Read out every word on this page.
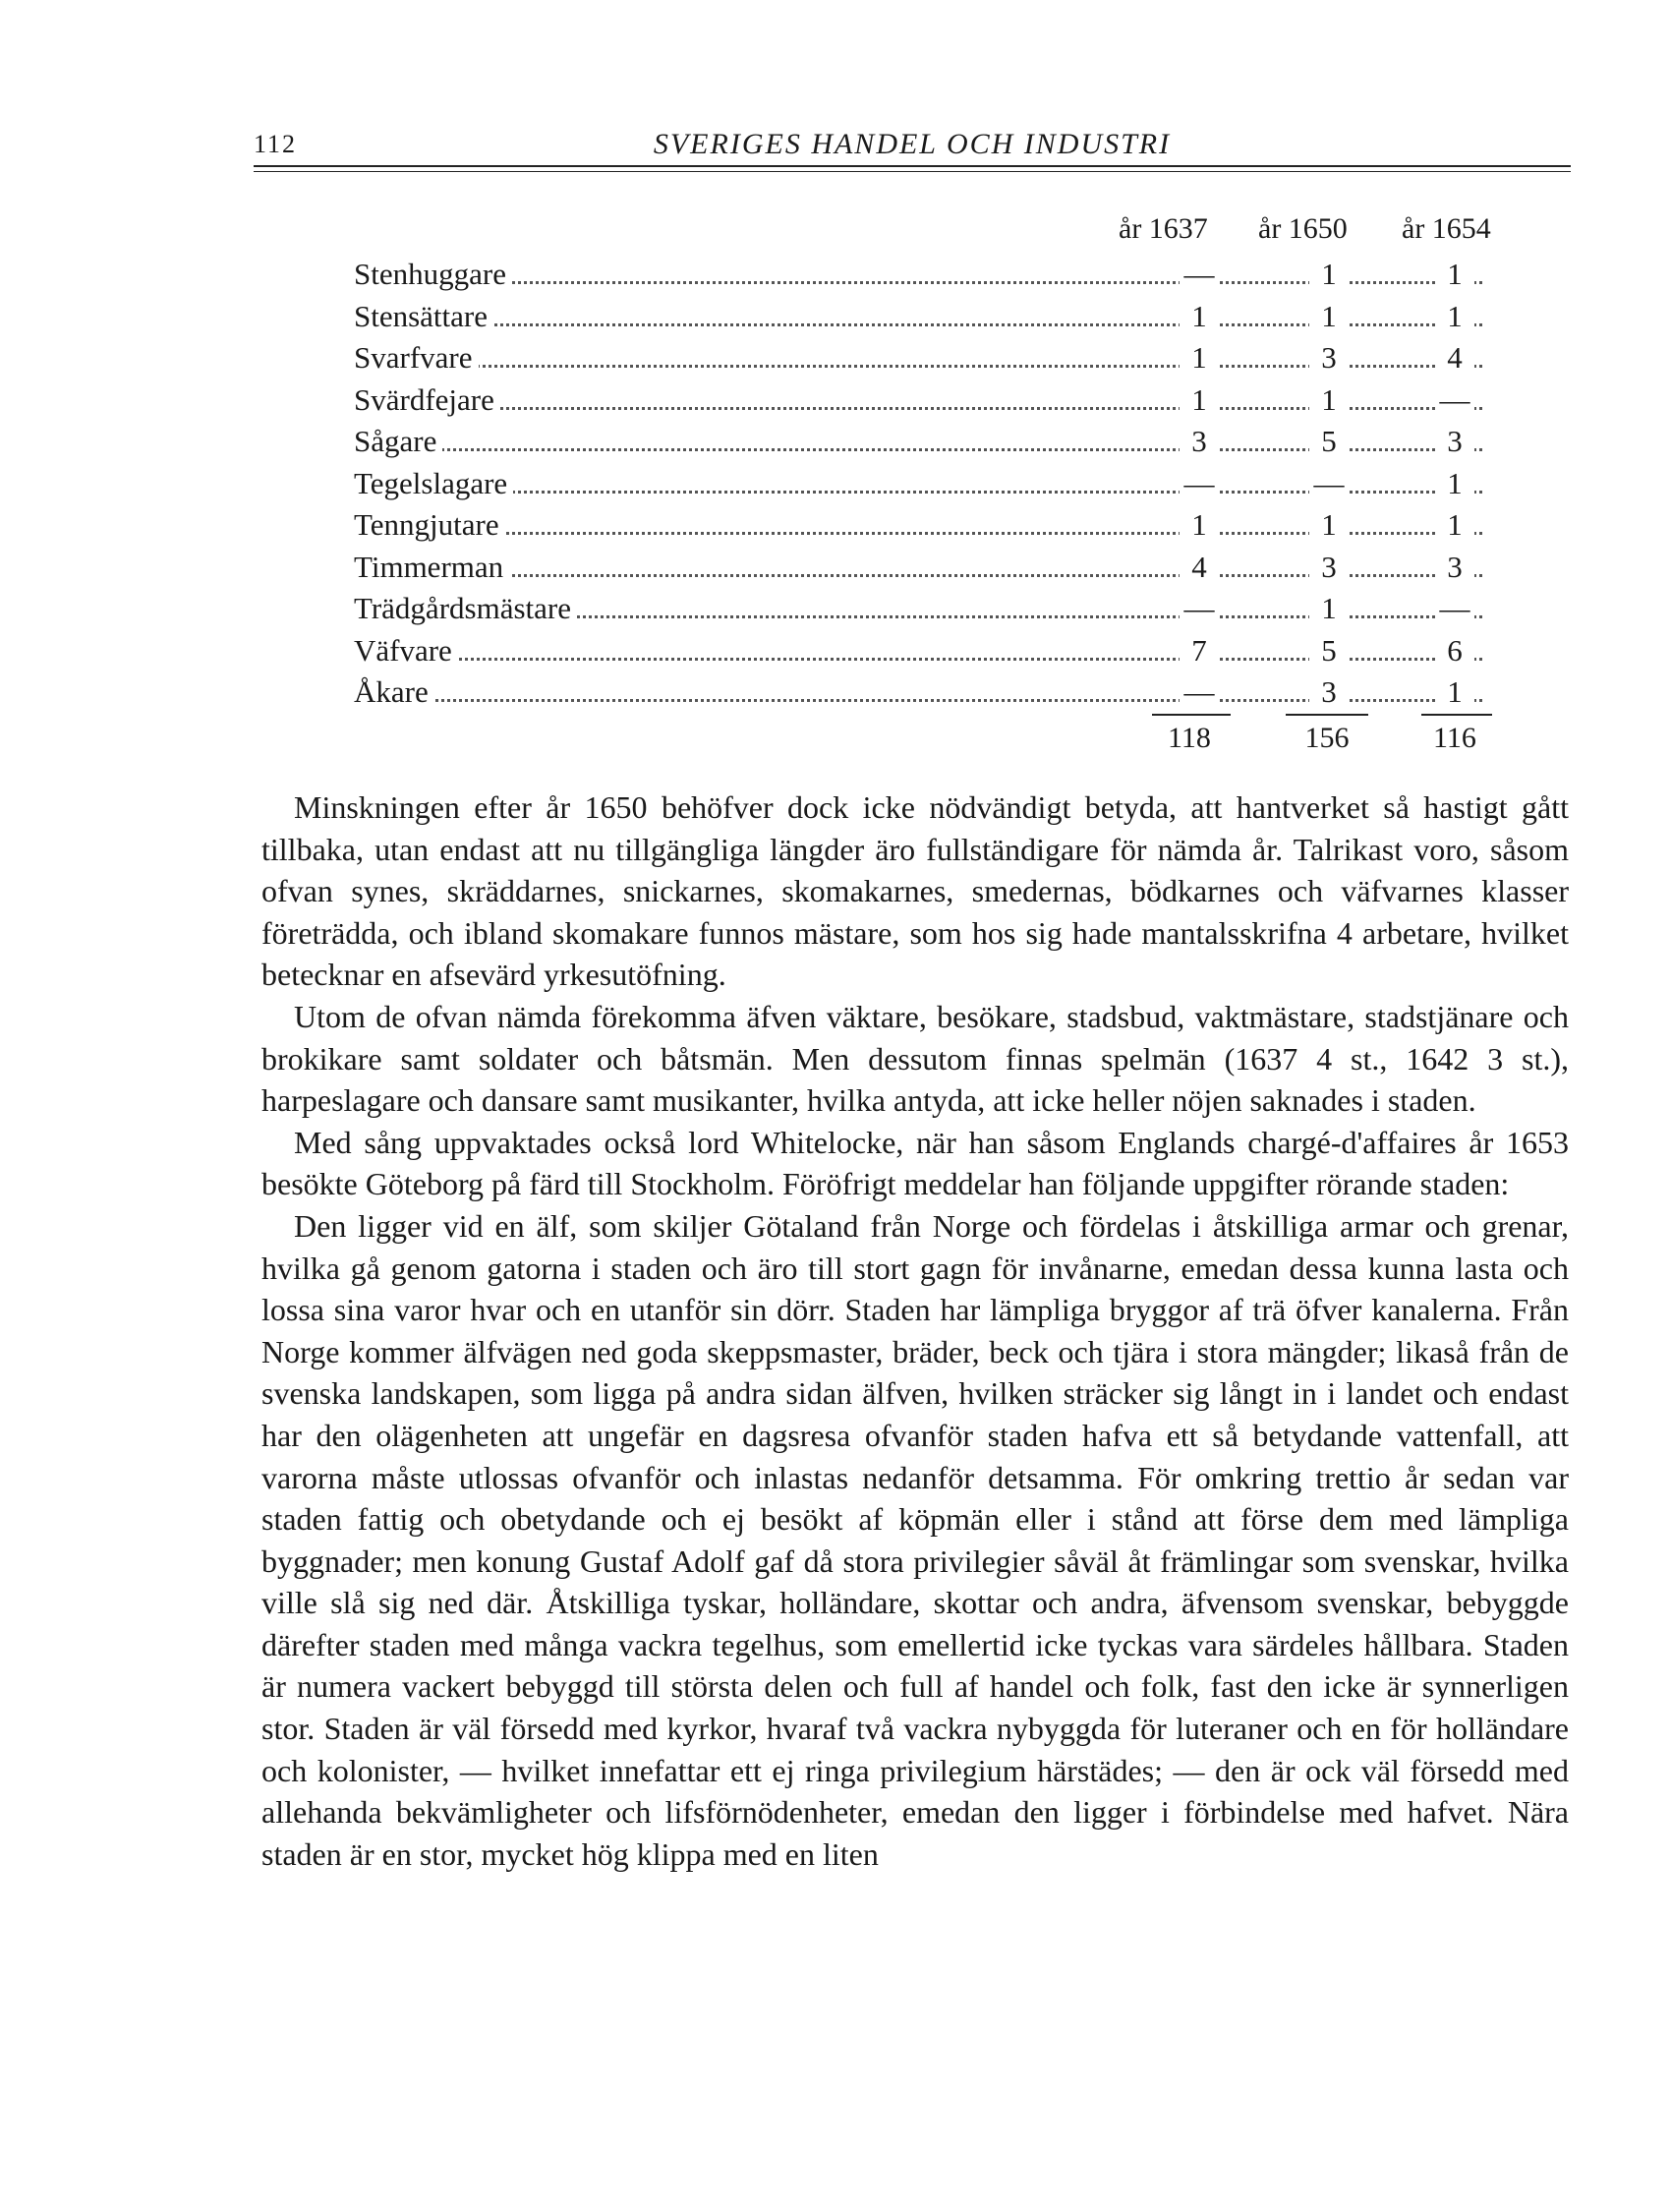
112	SVERIGES HANDEL OCH INDUSTRI
år 1637 år 1650 år 1654
Stenhuggare	—	1	1
Stensättare	1	1	1
Svarfvare	1	3	4
Svärdfejare	1	1	—
Sågare	3	5	3
Tegelslagare	—	—	1
Tenngjutare	1	1	1
Timmerman	4	3	3
Trädgårdsmästare	—	1	—
Väfvare	7	5	6
Åkare	—	3	1
118	156	116

Minskningen efter år 1650 behöfver dock icke nödvändigt betyda, att hantverket så hastigt gått tillbaka, utan endast att nu tillgängliga längder äro fullständigare för nämda år. Talrikast voro, såsom ofvan synes, skräddarnes, snickarnes, skomakarnes, smedernas, bödkarnes och väfvarnes klasser företrädda, och ibland skomakare funnos mästare, som hos sig hade mantalsskrifna 4 arbetare, hvilket betecknar en afsevärd yrkesutöfning.

Utom de ofvan nämda förekomma äfven väktare, besökare, stadsbud, vaktmästare, stadstjänare och brokikare samt soldater och båtsmän. Men dessutom finnas spelmän (1637 4 st., 1642 3 st.), harpeslagare och dansare samt musikanter, hvilka antyda, att icke heller nöjen saknades i staden.

Med sång uppvaktades också lord Whitelocke, när han såsom Englands chargé-d'affaires år 1653 besökte Göteborg på färd till Stockholm. Föröfrigt meddelar han följande uppgifter rörande staden:

Den ligger vid en älf, som skiljer Götaland från Norge och fördelas i åtskilliga armar och grenar, hvilka gå genom gatorna i staden och äro till stort gagn för invånarne, emedan dessa kunna lasta och lossa sina varor hvar och en utanför sin dörr. Staden har lämpliga bryggor af trä öfver kanalerna. Från Norge kommer älfvägen ned goda skeppsmaster, bräder, beck och tjära i stora mängder; likaså från de svenska landskapen, som ligga på andra sidan älfven, hvilken sträcker sig långt in i landet och endast har den olägenheten att ungefär en dagsresa ofvanför staden hafva ett så betydande vattenfall, att varorna måste utlossas ofvanför och inlastas nedanför detsamma. För omkring trettio år sedan var staden fattig och obetydande och ej besökt af köpmän eller i stånd att förse dem med lämpliga byggnader; men konung Gustaf Adolf gaf då stora privilegier såväl åt främlingar som svenskar, hvilka ville slå sig ned där. Åtskilliga tyskar, holländare, skottar och andra, äfvensom svenskar, bebyggde därefter staden med många vackra tegelhus, som emellertid icke tyckas vara särdeles hållbara. Staden är numera vackert bebyggd till största delen och full af handel och folk, fast den icke är synnerligen stor. Staden är väl försedd med kyrkor, hvaraf två vackra nybyggda för luteraner och en för holländare och kolonister, — hvilket innefattar ett ej ringa privilegium härstädes; — den är ock väl försedd med allehanda bekvämligheter och lifsförnödenheter, emedan den ligger i förbindelse med hafvet. Nära staden är en stor, mycket hög klippa med en liten
